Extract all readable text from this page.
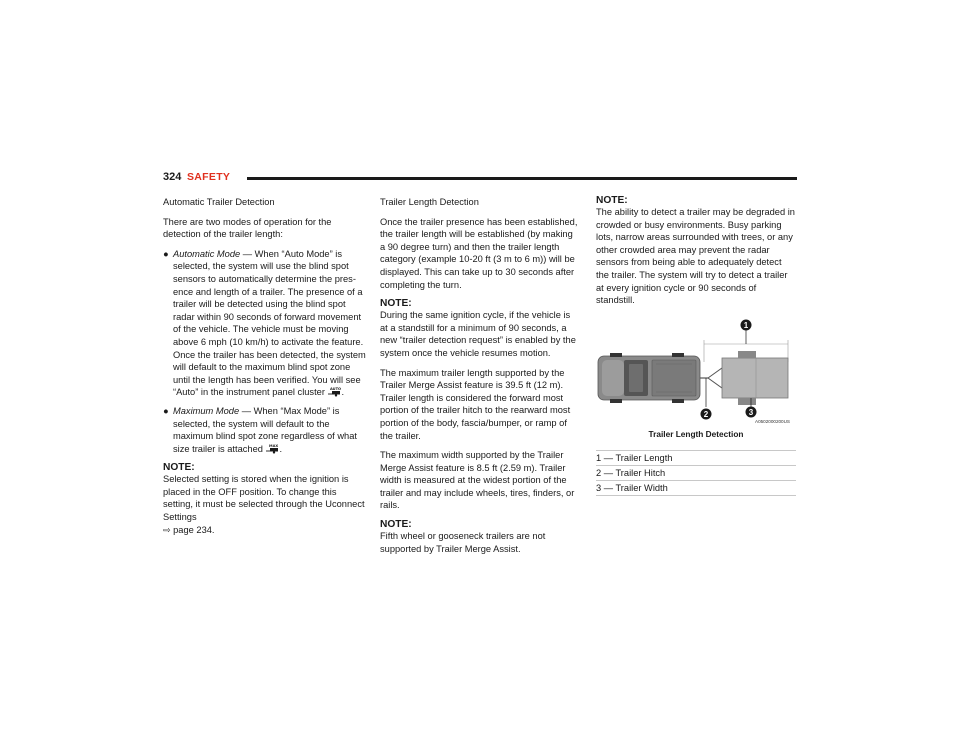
324 SAFETY
Automatic Trailer Detection

There are two modes of operation for the detection of the trailer length:

● Automatic Mode — When “Auto Mode” is selected, the system will use the blind spot sensors to automatically determine the pres-ence and length of a trailer. The presence of a trailer will be detected using the blind spot radar within 90 seconds of forward movement of the vehicle. The vehicle must be moving above 6 mph (10 km/h) to activate the feature. Once the trailer has been detected, the system will default to the maximum blind spot zone until the length has been verified. You will see “Auto” in the instrument panel cluster AUTO .
● Maximum Mode — When “Max Mode” is selected, the system will default to the maximum blind spot zone regardless of what size trailer is attached MAX .
NOTE:

Selected setting is stored when the ignition is placed in the OFF position. To change this setting, it must be selected through the Uconnect Settings
⇨ page 234.

Trailer Length Detection

Once the trailer presence has been established, the trailer length will be established (by making a 90 degree turn) and then the trailer length category (example 10-20 ft (3 m to 6 m)) will be displayed. This can take up to 30 seconds after completing the turn.

NOTE:

During the same ignition cycle, if the vehicle is at a standstill for a minimum of 90 seconds, a new “trailer detection request” is enabled by the system once the vehicle resumes motion.

The maximum trailer length supported by the Trailer Merge Assist feature is 39.5 ft (12 m). Trailer length is considered the forward most portion of the trailer hitch to the rearward most portion of the body, fascia/bumper, or ramp of the trailer.

The maximum width supported by the Trailer Merge Assist feature is 8.5 ft (2.59 m). Trailer width is measured at the widest portion of the trailer and may include wheels, tires, finders, or rails.

NOTE:

Fifth wheel or gooseneck trailers are not supported by Trailer Merge Assist.

NOTE:

The ability to detect a trailer may be degraded in crowded or busy environments. Busy parking lots, narrow areas surrounded with trees, or any other crowded area may prevent the radar sensors from being able to adequately detect the trailer. The system will try to detect a trailer at every ignition cycle or 90 seconds of standstill.

1
2	3
A0502000200US
Trailer Length Detection
1 — Trailer Length
2 — Trailer Hitch
3 — Trailer Width
